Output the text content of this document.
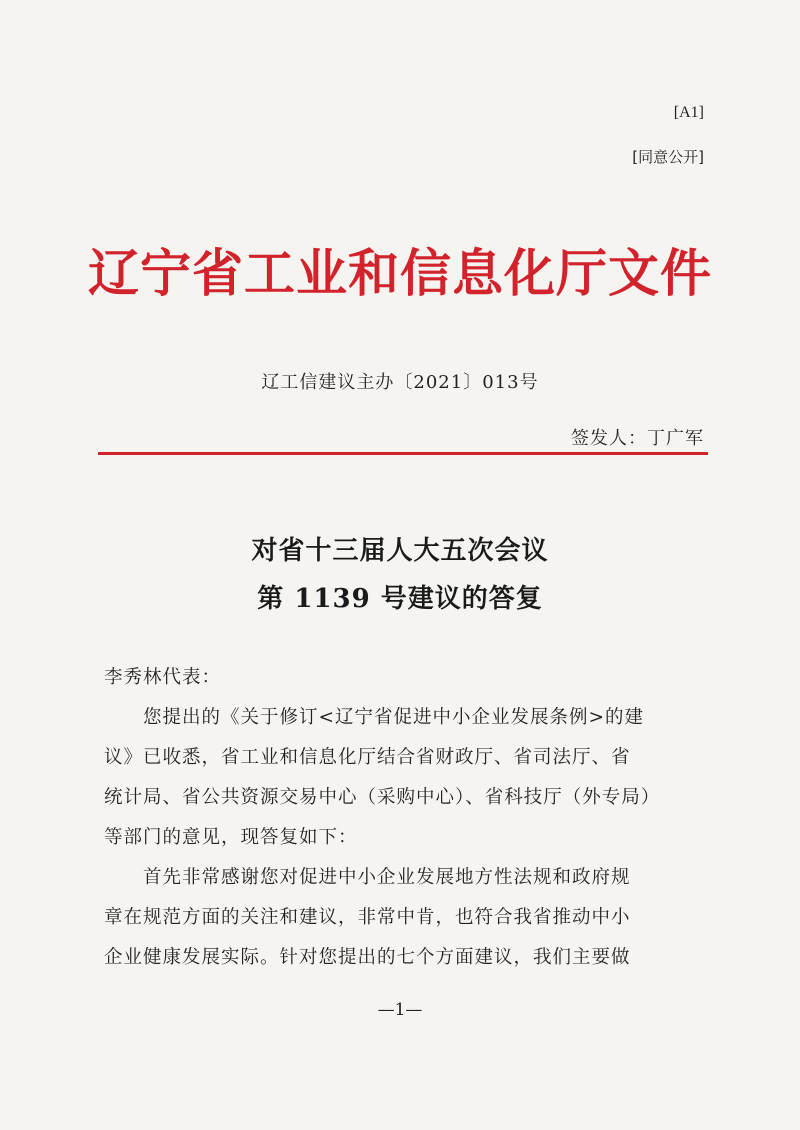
[A1]
[同意公开]
辽宁省工业和信息化厅文件
辽工信建议主办〔2021〕013号
签发人：丁广军
对省十三届人大五次会议
第 1139 号建议的答复
李秀林代表：
　　您提出的《关于修订<辽宁省促进中小企业发展条例>的建
议》已收悉，省工业和信息化厅结合省财政厅、省司法厅、省
统计局、省公共资源交易中心（采购中心）、省科技厅（外专局）
等部门的意见，现答复如下：
　　首先非常感谢您对促进中小企业发展地方性法规和政府规
章在规范方面的关注和建议，非常中肯，也符合我省推动中小
企业健康发展实际。针对您提出的七个方面建议，我们主要做
—1—
